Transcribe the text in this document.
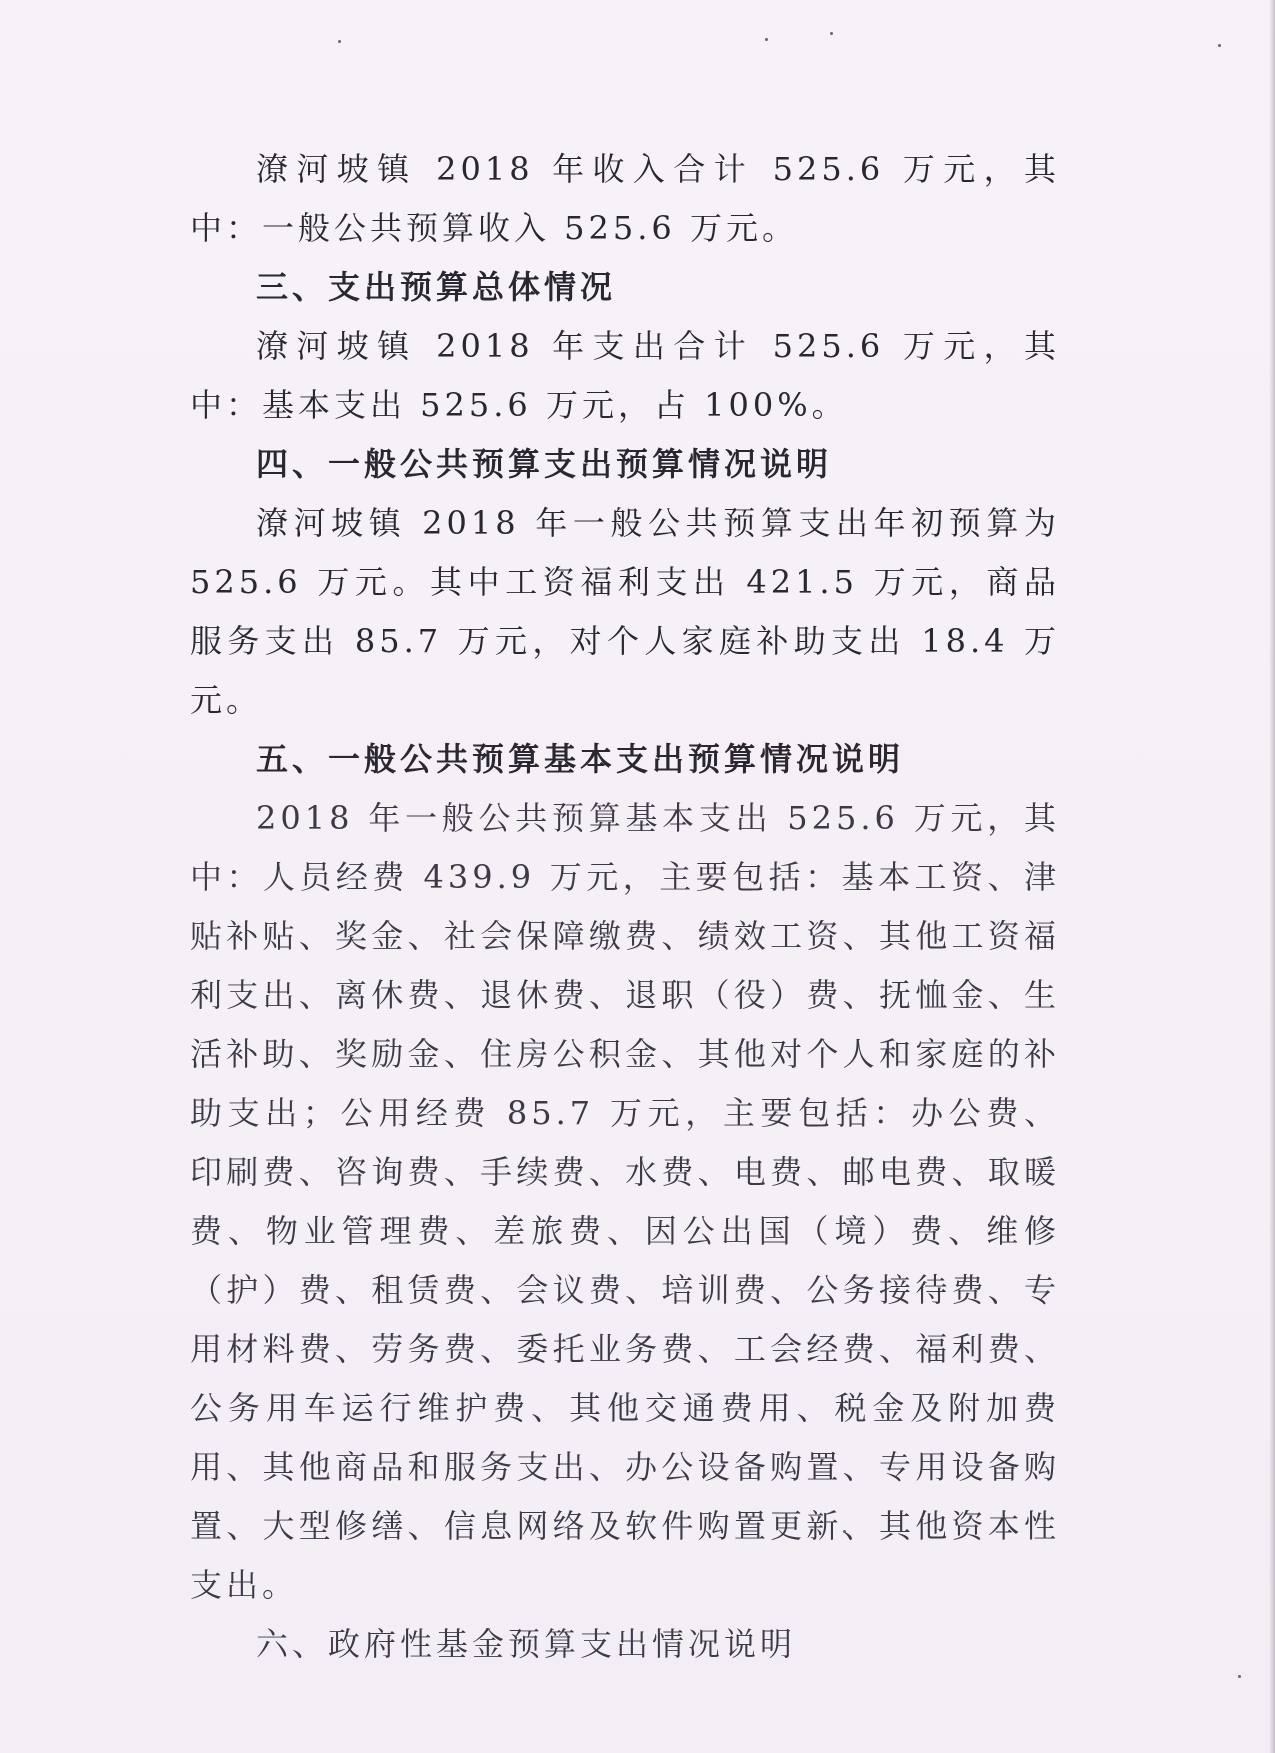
潦河坡镇 2018 年收入合计 525.6 万元，其中：一般公共预算收入 525.6 万元。

三、支出预算总体情况

潦河坡镇 2018 年支出合计 525.6 万元，其中：基本支出 525.6 万元，占 100%。

四、一般公共预算支出预算情况说明

潦河坡镇 2018 年一般公共预算支出年初预算为 525.6 万元。其中工资福利支出 421.5 万元，商品服务支出 85.7 万元，对个人家庭补助支出 18.4 万元。

五、一般公共预算基本支出预算情况说明

2018 年一般公共预算基本支出 525.6 万元，其中：人员经费 439.9 万元，主要包括：基本工资、津贴补贴、奖金、社会保障缴费、绩效工资、其他工资福利支出、离休费、退休费、退职（役）费、抚恤金、生活补助、奖励金、住房公积金、其他对个人和家庭的补助支出；公用经费 85.7 万元，主要包括：办公费、印刷费、咨询费、手续费、水费、电费、邮电费、取暖费、物业管理费、差旅费、因公出国（境）费、维修（护）费、租赁费、会议费、培训费、公务接待费、专用材料费、劳务费、委托业务费、工会经费、福利费、公务用车运行维护费、其他交通费用、税金及附加费用、其他商品和服务支出、办公设备购置、专用设备购置、大型修缮、信息网络及软件购置更新、其他资本性支出。

六、政府性基金预算支出情况说明
